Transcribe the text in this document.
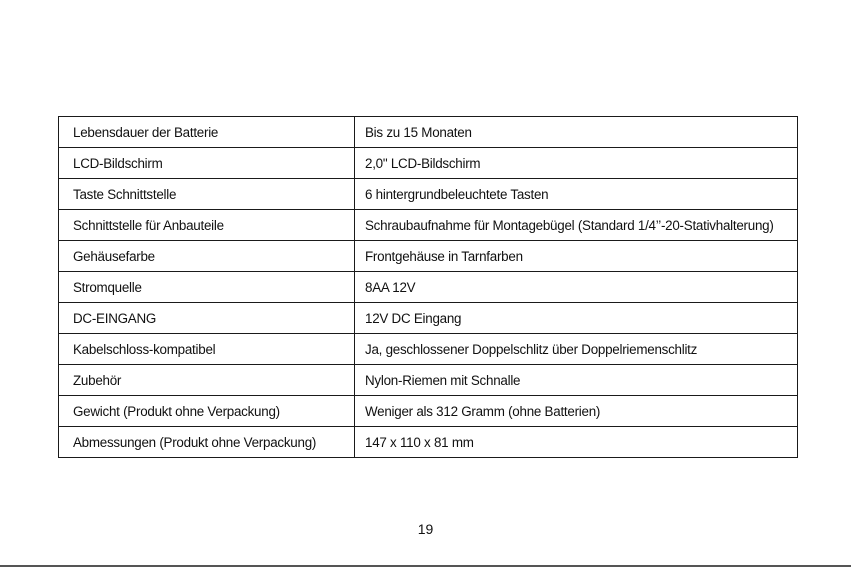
Lebensdauer der Batterie	Bis zu 15 Monaten
LCD-Bildschirm	2,0" LCD-Bildschirm
Taste Schnittstelle	6 hintergrundbeleuchtete Tasten
Schnittstelle für Anbauteile	Schraubaufnahme für Montagebügel (Standard 1/4’’-20-Stativhalterung)
Gehäusefarbe	Frontgehäuse in Tarnfarben
Stromquelle	8AA 12V
DC-EINGANG	12V DC Eingang
Kabelschloss-kompatibel	Ja, geschlossener Doppelschlitz über Doppelriemenschlitz
Zubehör	Nylon-Riemen mit Schnalle
Gewicht (Produkt ohne Verpackung)	Weniger als 312 Gramm (ohne Batterien)
Abmessungen (Produkt ohne Verpackung)	147 x 110 x 81 mm
19
